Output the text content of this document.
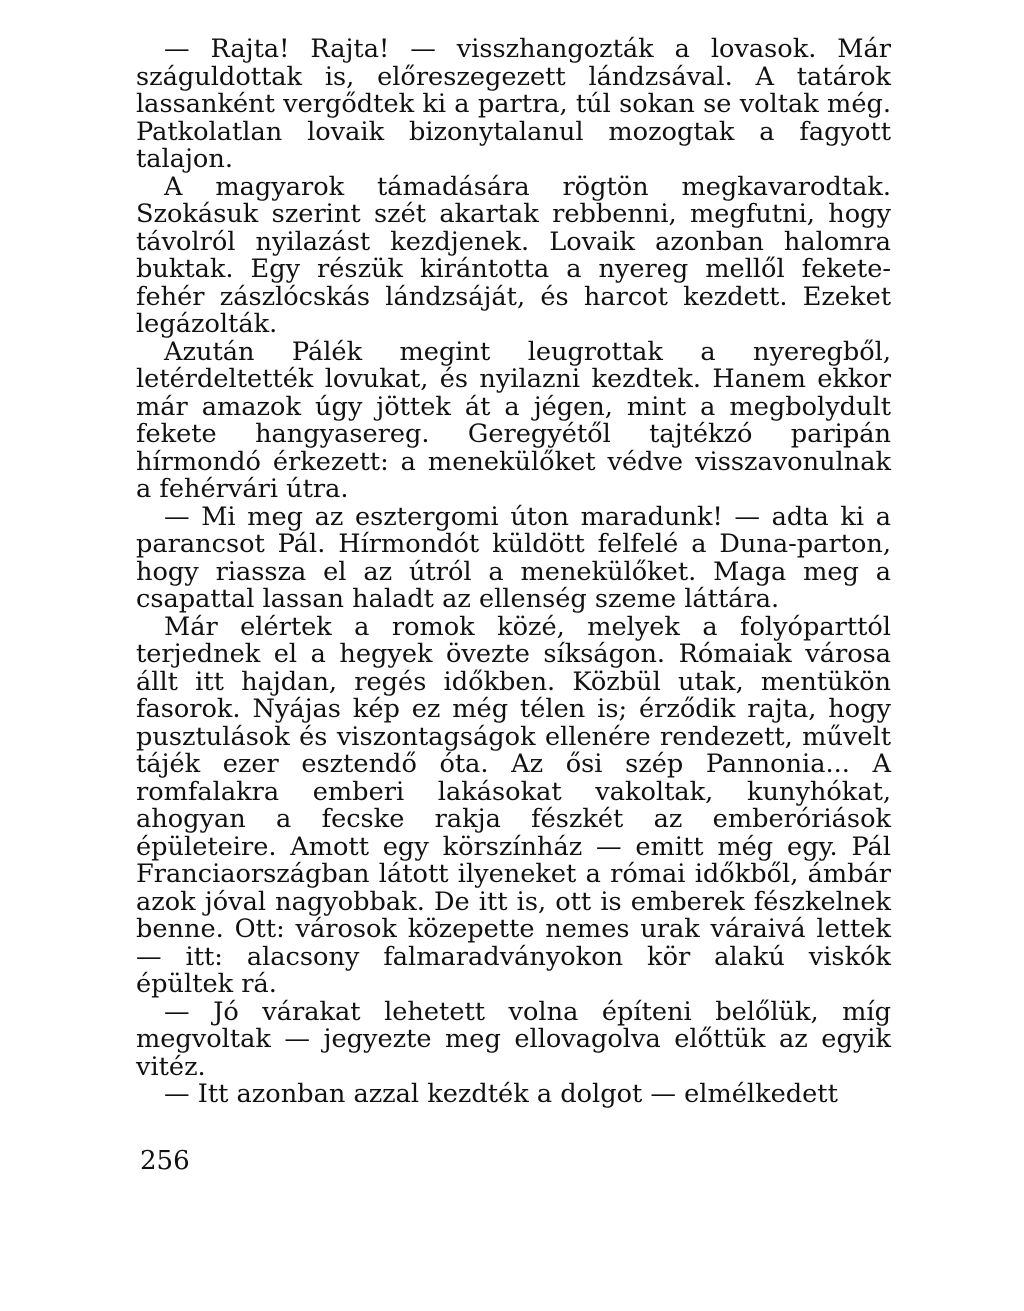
— Rajta! Rajta! — visszhangozták a lovasok. Már száguldottak is, előreszegezett lándzsával. A tatárok lassanként vergődtek ki a partra, túl sokan se voltak még. Patkolatlan lovaik bizonytalanul mozogtak a fagyott talajon.

A magyarok támadására rögtön megkavarodtak. Szokásuk szerint szét akartak rebbenni, megfutni, hogy távolról nyilazást kezdjenek. Lovaik azonban halomra buktak. Egy részük kirántotta a nyereg mellől fekete-fehér zászlócskás lándzsáját, és harcot kezdett. Ezeket legázolták.

Azután Pálék megint leugrottak a nyeregből, letérdeltették lovukat, és nyilazni kezdtek. Hanem ekkor már amazok úgy jöttek át a jégen, mint a megbolydult fekete hangyasereg. Geregyétől tajtékzó paripán hírmondó érkezett: a menekülőket védve visszavonulnak a fehérvári útra.

— Mi meg az esztergomi úton maradunk! — adta ki a parancsot Pál. Hírmondót küldött felfelé a Duna-parton, hogy riassza el az útról a menekülőket. Maga meg a csapattal lassan haladt az ellenség szeme láttára.

Már elértek a romok közé, melyek a folyóparttól terjednek el a hegyek övezte síkságon. Rómaiak városa állt itt hajdan, regés időkben. Közbül utak, mentükön fasorok. Nyájas kép ez még télen is; érződik rajta, hogy pusztulások és viszontagságok ellenére rendezett, művelt tájék ezer esztendő óta. Az ősi szép Pannonia... A romfalakra emberi lakásokat vakoltak, kunyhókat, ahogyan a fecske rakja fészkét az emberóriások épületeire. Amott egy körszínház — emitt még egy. Pál Franciaországban látott ilyeneket a római időkből, ámbár azok jóval nagyobbak. De itt is, ott is emberek fészkelnek benne. Ott: városok közepette nemes urak váraivá lettek — itt: alacsony falmaradványokon kör alakú viskók épültek rá.

— Jó várakat lehetett volna építeni belőlük, míg megvoltak — jegyezte meg ellovagolva előttük az egyik vitéz.

— Itt azonban azzal kezdték a dolgot — elmélkedett

256
